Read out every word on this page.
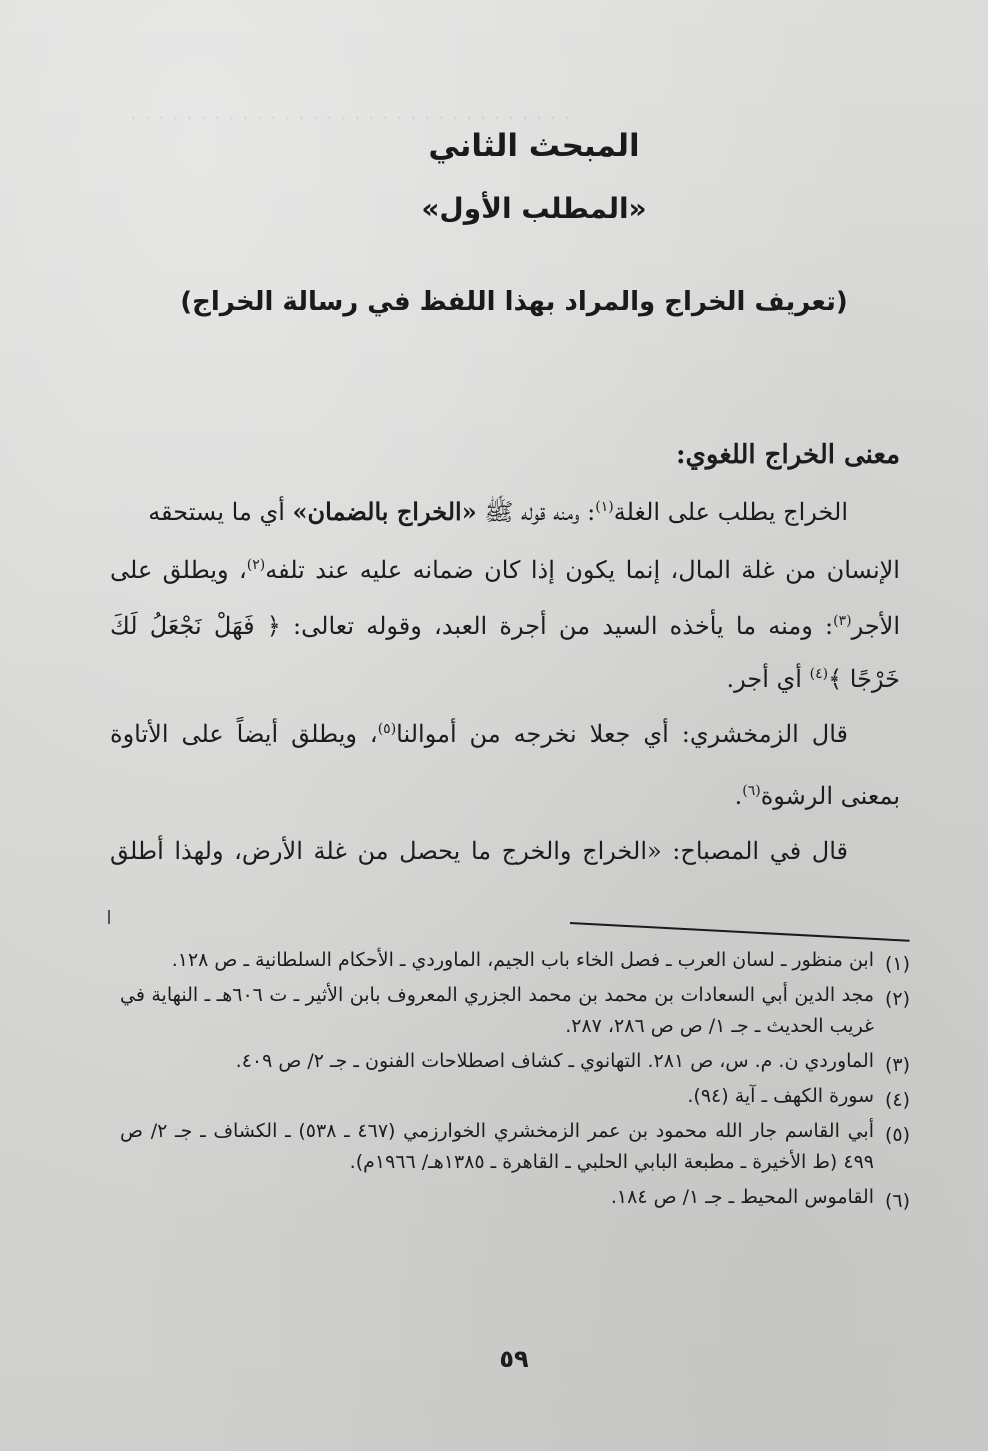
. . . . . . . . . . . . . . . . . . . . . . . . . . . . . . . .
المبحث الثاني
«المطلب الأول»
(تعريف الخراج والمراد بهذا اللفظ في رسالة الخراج)
معنى الخراج اللغوي:
الخراج يطلب على الغلة$^{(١)}$: ومنه قوله ﷺ «الخراج بالضمان» أي ما يستحقه
الإنسان من غلة المال، إنما يكون إذا كان ضمانه عليه عند تلفه$^{(٢)}$، ويطلق على
الأجر$^{(٣)}$: ومنه ما يأخذه السيد من أجرة العبد، وقوله تعالى: ﴿ فَهَلْ نَجْعَلُ لَكَ
خَرْجًا ﴾$^{(٤)}$ أي أجر.
قال الزمخشري: أي جعلا نخرجه من أموالنا$^{(٥)}$، ويطلق أيضاً على الأتاوة
بمعنى الرشوة$^{(٦)}$.
قال في المصباح: «الخراج والخرج ما يحصل من غلة الأرض، ولهذا أطلق
(١)
ابن منظور ـ لسان العرب ـ فصل الخاء باب الجيم، الماوردي ـ الأحكام السلطانية ـ ص ١٢٨.
(٢)
مجد الدين أبي السعادات بن محمد بن محمد الجزري المعروف بابن الأثير ـ ت ٦٠٦هـ ـ النهاية في غريب الحديث ـ جـ ١/ ص ص ٢٨٦، ٢٨٧.
(٣)
الماوردي ن. م. س، ص ٢٨١. التهانوي ـ كشاف اصطلاحات الفنون ـ جـ ٢/ ص ٤٠٩.
(٤)
سورة الكهف ـ آية (٩٤).
(٥)
أبي القاسم جار الله محمود بن عمر الزمخشري الخوارزمي (٤٦٧ ـ ٥٣٨) ـ الكشاف ـ جـ ٢/ ص ٤٩٩ (ط الأخيرة ـ مطبعة البابي الحلبي ـ القاهرة ـ ١٣٨٥هـ/ ١٩٦٦م).
(٦)
القاموس المحيط ـ جـ ١/ ص ١٨٤.
٥٩
